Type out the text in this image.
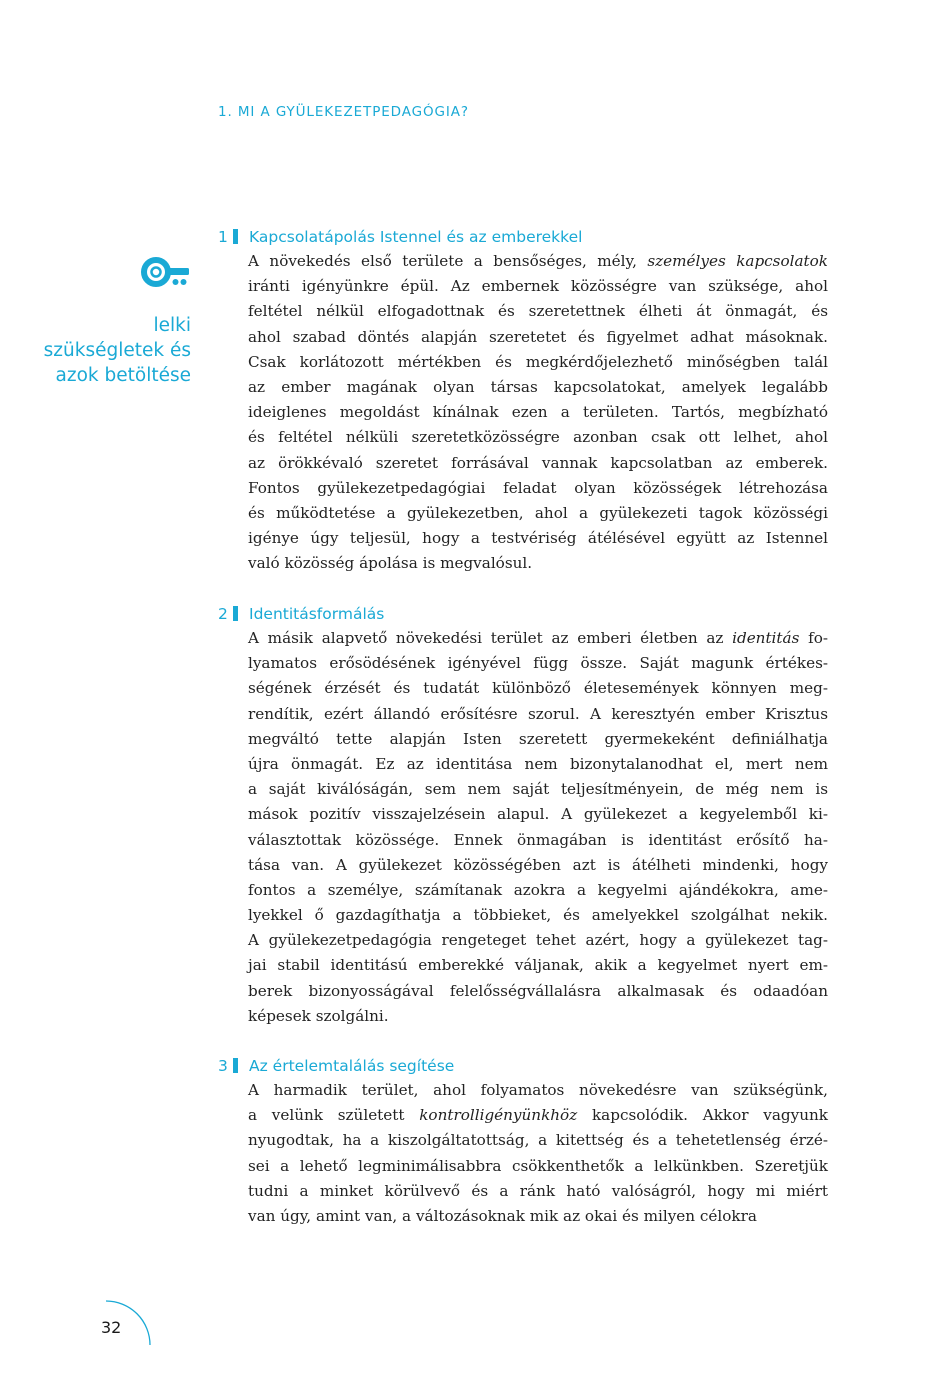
1. MI A GYÜLEKEZETPEDAGÓGIA?
lelki
szükségletek és
azok betöltése
1 Kapcsolatápolás Istennel és az emberekkel
A növekedés első területe a bensőséges, mély, személyes kapcsolatok
iránti igényünkre épül. Az embernek közösségre van szüksége, ahol
feltétel nélkül elfogadottnak és szeretettnek élheti át önmagát, és
ahol szabad döntés alapján szeretetet és figyelmet adhat másoknak.
Csak korlátozott mértékben és megkérdőjelezhető minőségben talál
az ember magának olyan társas kapcsolatokat, amelyek legalább
ideiglenes megoldást kínálnak ezen a területen. Tartós, megbízható
és feltétel nélküli szeretetközösségre azonban csak ott lelhet, ahol
az örökkévaló szeretet forrásával vannak kapcsolatban az emberek.
Fontos gyülekezetpedagógiai feladat olyan közösségek létrehozása
és működtetése a gyülekezetben, ahol a gyülekezeti tagok közösségi
igénye úgy teljesül, hogy a testvériség átélésével együtt az Istennel
való közösség ápolása is megvalósul.
2 Identitásformálás
A másik alapvető növekedési terület az emberi életben az identitás fo-
lyamatos erősödésének igényével függ össze. Saját magunk értékes-
ségének érzését és tudatát különböző életesemények könnyen meg-
rendítik, ezért állandó erősítésre szorul. A keresztyén ember Krisztus
megváltó tette alapján Isten szeretett gyermekeként definiálhatja
újra önmagát. Ez az identitása nem bizonytalanodhat el, mert nem
a saját kiválóságán, sem nem saját teljesítményein, de még nem is
mások pozitív visszajelzésein alapul. A gyülekezet a kegyelemből ki-
választottak közössége. Ennek önmagában is identitást erősítő ha-
tása van. A gyülekezet közösségében azt is átélheti mindenki, hogy
fontos a személye, számítanak azokra a kegyelmi ajándékokra, ame-
lyekkel ő gazdagíthatja a többieket, és amelyekkel szolgálhat nekik.
A gyülekezetpedagógia rengeteget tehet azért, hogy a gyülekezet tag-
jai stabil identitású emberekké váljanak, akik a kegyelmet nyert em-
berek bizonyosságával felelősségvállalásra alkalmasak és odaadóan
képesek szolgálni.
3 Az értelemtalálás segítése
A harmadik terület, ahol folyamatos növekedésre van szükségünk,
a velünk született kontrolligényünkhöz kapcsolódik. Akkor vagyunk
nyugodtak, ha a kiszolgáltatottság, a kitettség és a tehetetlenség érzé-
sei a lehető legminimálisabbra csökkenthetők a lelkünkben. Szeretjük
tudni a minket körülvevő és a ránk ható valóságról, hogy mi miért
van úgy, amint van, a változásoknak mik az okai és milyen célokra
32
